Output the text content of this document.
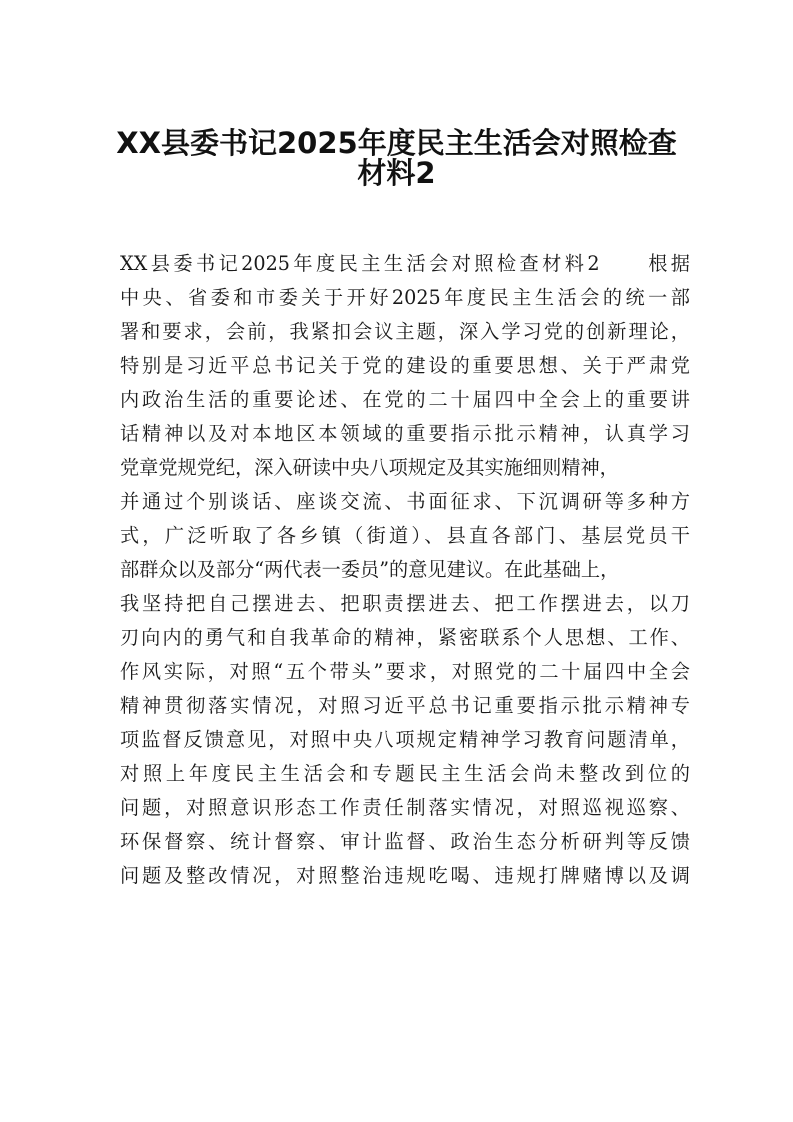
XX县委书记2025年度民主生活会对照检查
材料2
XX县委书记2025年度民主生活会对照检查材料2　　根据
中央、省委和市委关于开好2025年度民主生活会的统一部
署和要求，会前，我紧扣会议主题，深入学习党的创新理论，
特别是习近平总书记关于党的建设的重要思想、关于严肃党
内政治生活的重要论述、在党的二十届四中全会上的重要讲
话精神以及对本地区本领域的重要指示批示精神，认真学习
党章党规党纪，深入研读中央八项规定及其实施细则精神，
并通过个别谈话、座谈交流、书面征求、下沉调研等多种方
式，广泛听取了各乡镇（街道）、县直各部门、基层党员干
部群众以及部分“两代表一委员”的意见建议。在此基础上，
我坚持把自己摆进去、把职责摆进去、把工作摆进去，以刀
刃向内的勇气和自我革命的精神，紧密联系个人思想、工作、
作风实际，对照“五个带头”要求，对照党的二十届四中全会
精神贯彻落实情况，对照习近平总书记重要指示批示精神专
项监督反馈意见，对照中央八项规定精神学习教育问题清单，
对照上年度民主生活会和专题民主生活会尚未整改到位的
问题，对照意识形态工作责任制落实情况，对照巡视巡察、
环保督察、统计督察、审计监督、政治生态分析研判等反馈
问题及整改情况，对照整治违规吃喝、违规打牌赌博以及调
